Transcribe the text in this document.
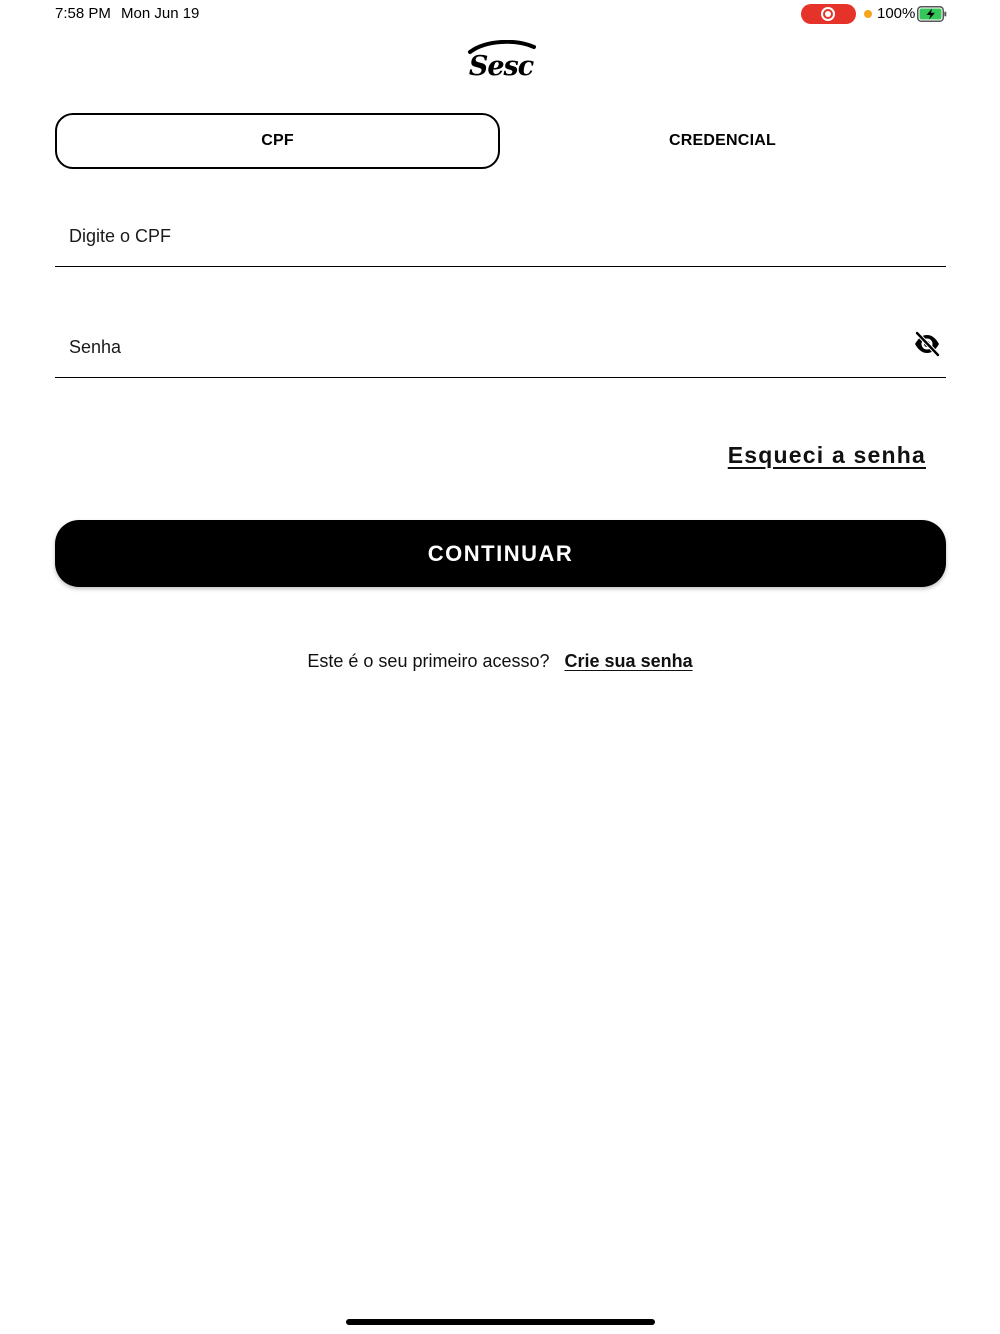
7:58 PM Mon Jun 19	100%
Sesc
CPF	CREDENCIAL
Digite o CPF
Esqueci a senha
CONTINUAR
Este é o seu primeiro acesso? Crie sua senha
